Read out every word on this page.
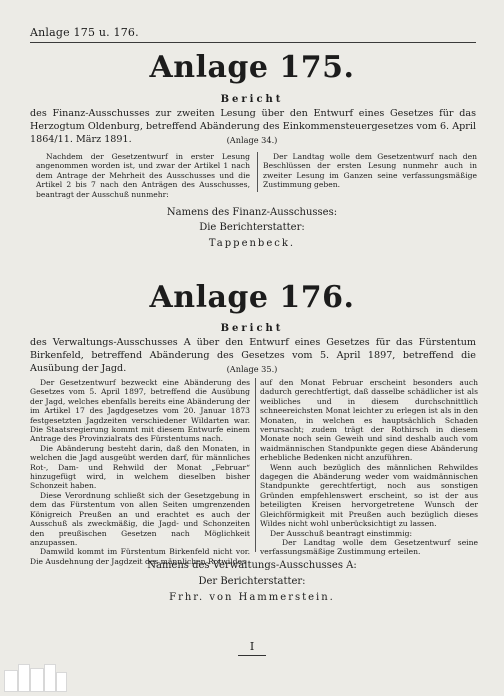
Anlage 175 u. 176.
Anlage 175.
Bericht
des Finanz-Ausschusses zur zweiten Lesung über den Entwurf eines Gesetzes für das Herzogtum Oldenburg, betreffend Abänderung des Einkommensteuergesetzes vom 6. April 1864/11. März 1891.	(Anlage 34.)

Nachdem der Gesetzentwurf in erster Lesung angenommen worden ist, und zwar der Artikel 1 nach dem Antrage der Mehrheit des Ausschusses und die Artikel 2 bis 7 nach den Anträgen des Ausschusses, beantragt der Ausschuß nunmehr:

Der Landtag wolle dem Gesetzentwurf nach den Beschlüssen der ersten Lesung nunmehr auch in zweiter Lesung im Ganzen seine verfassungsmäßige Zustimmung geben.

Namens des Finanz-Ausschusses:
Die Berichterstatter:
Tappenbeck.
Anlage 176.
Bericht
des Verwaltungs-Ausschusses A über den Entwurf eines Gesetzes für das Fürstentum Birkenfeld, betreffend Abänderung des Gesetzes vom 5. April 1897, betreffend die Ausübung der Jagd.	(Anlage 35.)

Der Gesetzentwurf bezweckt eine Abänderung des Gesetzes vom 5. April 1897, betreffend die Ausübung der Jagd, welches ebenfalls bereits eine Abänderung der im Artikel 17 des Jagdgesetzes vom 20. Januar 1873 festgesetzten Jagdzeiten verschiedener Wildarten war. Die Staatsregierung kommt mit diesem Entwurfe einem Antrage des Provinzialrats des Fürstentums nach.

Die Abänderung besteht darin, daß den Monaten, in welchen die Jagd ausgeübt werden darf, für männliches Rot-, Dam- und Rehwild der Monat „Februar“ hinzugefügt wird, in welchem dieselben bisher Schonzeit haben.

Diese Verordnung schließt sich der Gesetzgebung in dem das Fürstentum von allen Seiten umgrenzenden Königreich Preußen an und erachtet es auch der Ausschuß als zweckmäßig, die Jagd- und Schonzeiten den preußischen Gesetzen nach Möglichkeit anzupassen.

Damwild kommt im Fürstentum Birkenfeld nicht vor. Die Ausdehnung der Jagdzeit des männlichen Rotwildes

auf den Monat Februar erscheint besonders auch dadurch gerechtfertigt, daß dasselbe schädlicher ist als weibliches und in diesem durchschnittlich schneereichsten Monat leichter zu erlegen ist als in den Monaten, in welchen es hauptsächlich Schaden verursacht; zudem trägt der Rothirsch in diesem Monate noch sein Geweih und sind deshalb auch vom waidmännischen Standpunkte gegen diese Abänderung erhebliche Bedenken nicht anzuführen.

Wenn auch bezüglich des männlichen Rehwildes dagegen die Abänderung weder vom waidmännischen Standpunkte gerechtfertigt, noch aus sonstigen Gründen empfehlenswert erscheint, so ist der aus beteiligten Kreisen hervorgetretene Wunsch der Gleichförmigkeit mit Preußen auch bezüglich dieses Wildes nicht wohl unberücksichtigt zu lassen.

Der Ausschuß beantragt einstimmig:

Der Landtag wolle dem Gesetzentwurf seine verfassungsmäßige Zustimmung erteilen.

Namens des Verwaltungs-Ausschusses A:
Der Berichterstatter:
Frhr. von Hammerstein.
I
